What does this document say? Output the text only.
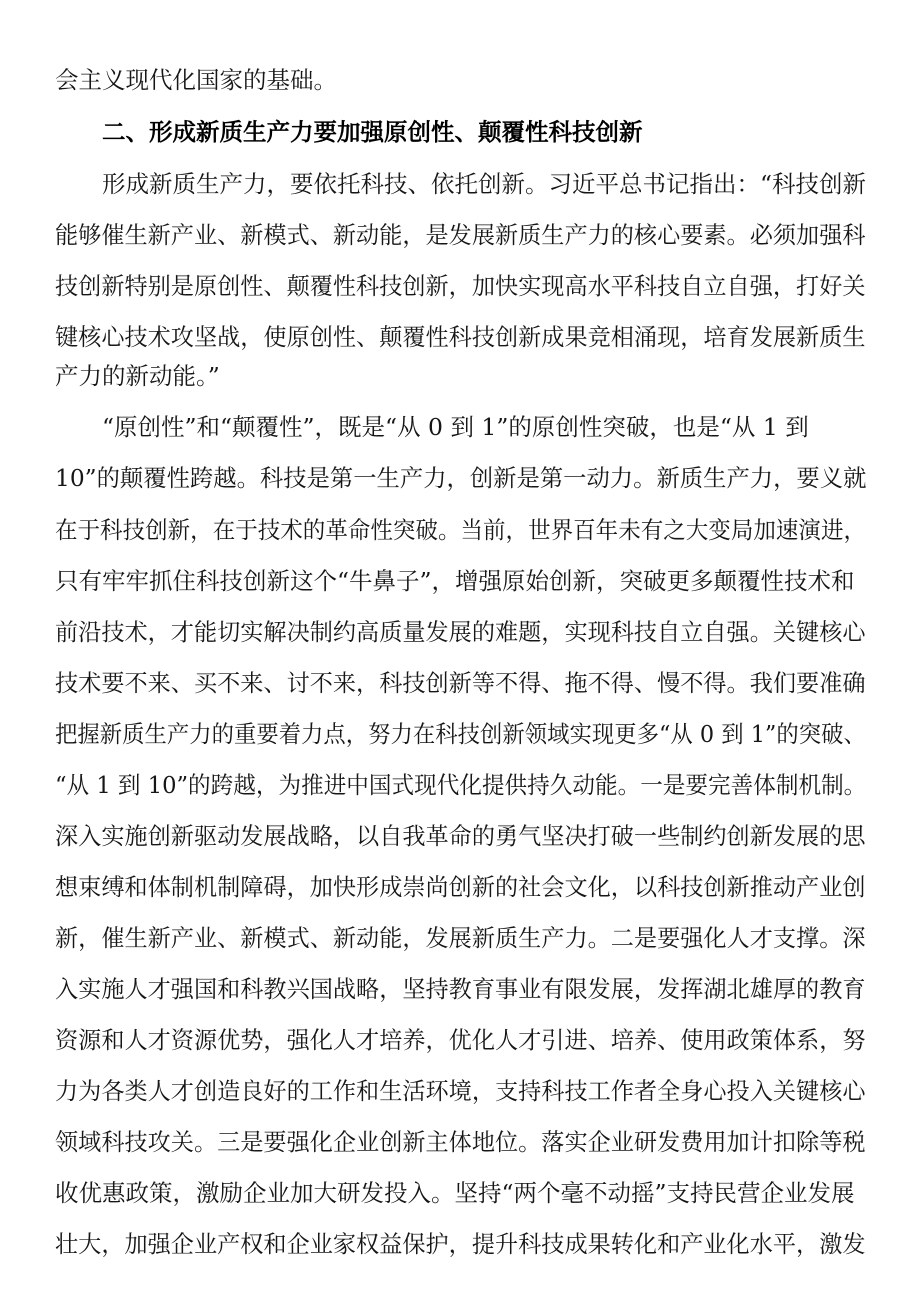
会主义现代化国家的基础。
二、形成新质生产力要加强原创性、颠覆性科技创新
形成新质生产力，要依托科技、依托创新。习近平总书记指出：“科技创新
能够催生新产业、新模式、新动能，是发展新质生产力的核心要素。必须加强科
技创新特别是原创性、颠覆性科技创新，加快实现高水平科技自立自强，打好关
键核心技术攻坚战，使原创性、颠覆性科技创新成果竞相涌现，培育发展新质生
产力的新动能。”
“原创性”和“颠覆性”，既是“从 0 到 1”的原创性突破，也是“从 1 到
10”的颠覆性跨越。科技是第一生产力，创新是第一动力。新质生产力，要义就
在于科技创新，在于技术的革命性突破。当前，世界百年未有之大变局加速演进，
只有牢牢抓住科技创新这个“牛鼻子”，增强原始创新，突破更多颠覆性技术和
前沿技术，才能切实解决制约高质量发展的难题，实现科技自立自强。关键核心
技术要不来、买不来、讨不来，科技创新等不得、拖不得、慢不得。我们要准确
把握新质生产力的重要着力点，努力在科技创新领域实现更多“从 0 到 1”的突破、
“从 1 到 10”的跨越，为推进中国式现代化提供持久动能。一是要完善体制机制。
深入实施创新驱动发展战略，以自我革命的勇气坚决打破一些制约创新发展的思
想束缚和体制机制障碍，加快形成崇尚创新的社会文化，以科技创新推动产业创
新，催生新产业、新模式、新动能，发展新质生产力。二是要强化人才支撑。深
入实施人才强国和科教兴国战略，坚持教育事业有限发展，发挥湖北雄厚的教育
资源和人才资源优势，强化人才培养，优化人才引进、培养、使用政策体系，努
力为各类人才创造良好的工作和生活环境，支持科技工作者全身心投入关键核心
领域科技攻关。三是要强化企业创新主体地位。落实企业研发费用加计扣除等税
收优惠政策，激励企业加大研发投入。坚持“两个毫不动摇”支持民营企业发展
壮大，加强企业产权和企业家权益保护，提升科技成果转化和产业化水平，激发
